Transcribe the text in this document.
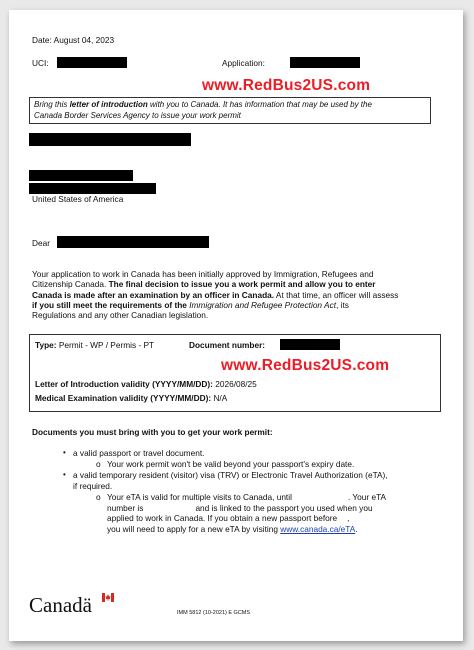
Date: August 04, 2023
UCI:	Application:
www.RedBus2US.com
Bring this letter of introduction with you to Canada. It has information that may be used by the
Canada Border Services Agency to issue your work permit
United States of America
Dear
Your application to work in Canada has been initially approved by Immigration, Refugees and
Citizenship Canada. The final decision to issue you a work permit and allow you to enter
Canada is made after an examination by an officer in Canada. At that time, an officer will assess
if you still meet the requirements of the Immigration and Refugee Protection Act, its
Regulations and any other Canadian legislation.
Type: Permit - WP / Permis - PT	Document number:
www.RedBus2US.com
Letter of Introduction validity (YYYY/MM/DD): 2026/08/25
Medical Examination validity (YYYY/MM/DD): N/A
Documents you must bring with you to get your work permit:
• a valid passport or travel document.
o Your work permit won't be valid beyond your passport's expiry date.
• a valid temporary resident (visitor) visa (TRV) or Electronic Travel Authorization (eTA),
if required.
o Your eTA is valid for multiple visits to Canada, until	. Your eTA
number is	and is linked to the passport you used when you
applied to work in Canada. If you obtain a new passport before ,
you will need to apply for a new eTA by visiting www.canada.ca/eTA.
Canadä	IMM 5812 (10-2021) E GCMS
